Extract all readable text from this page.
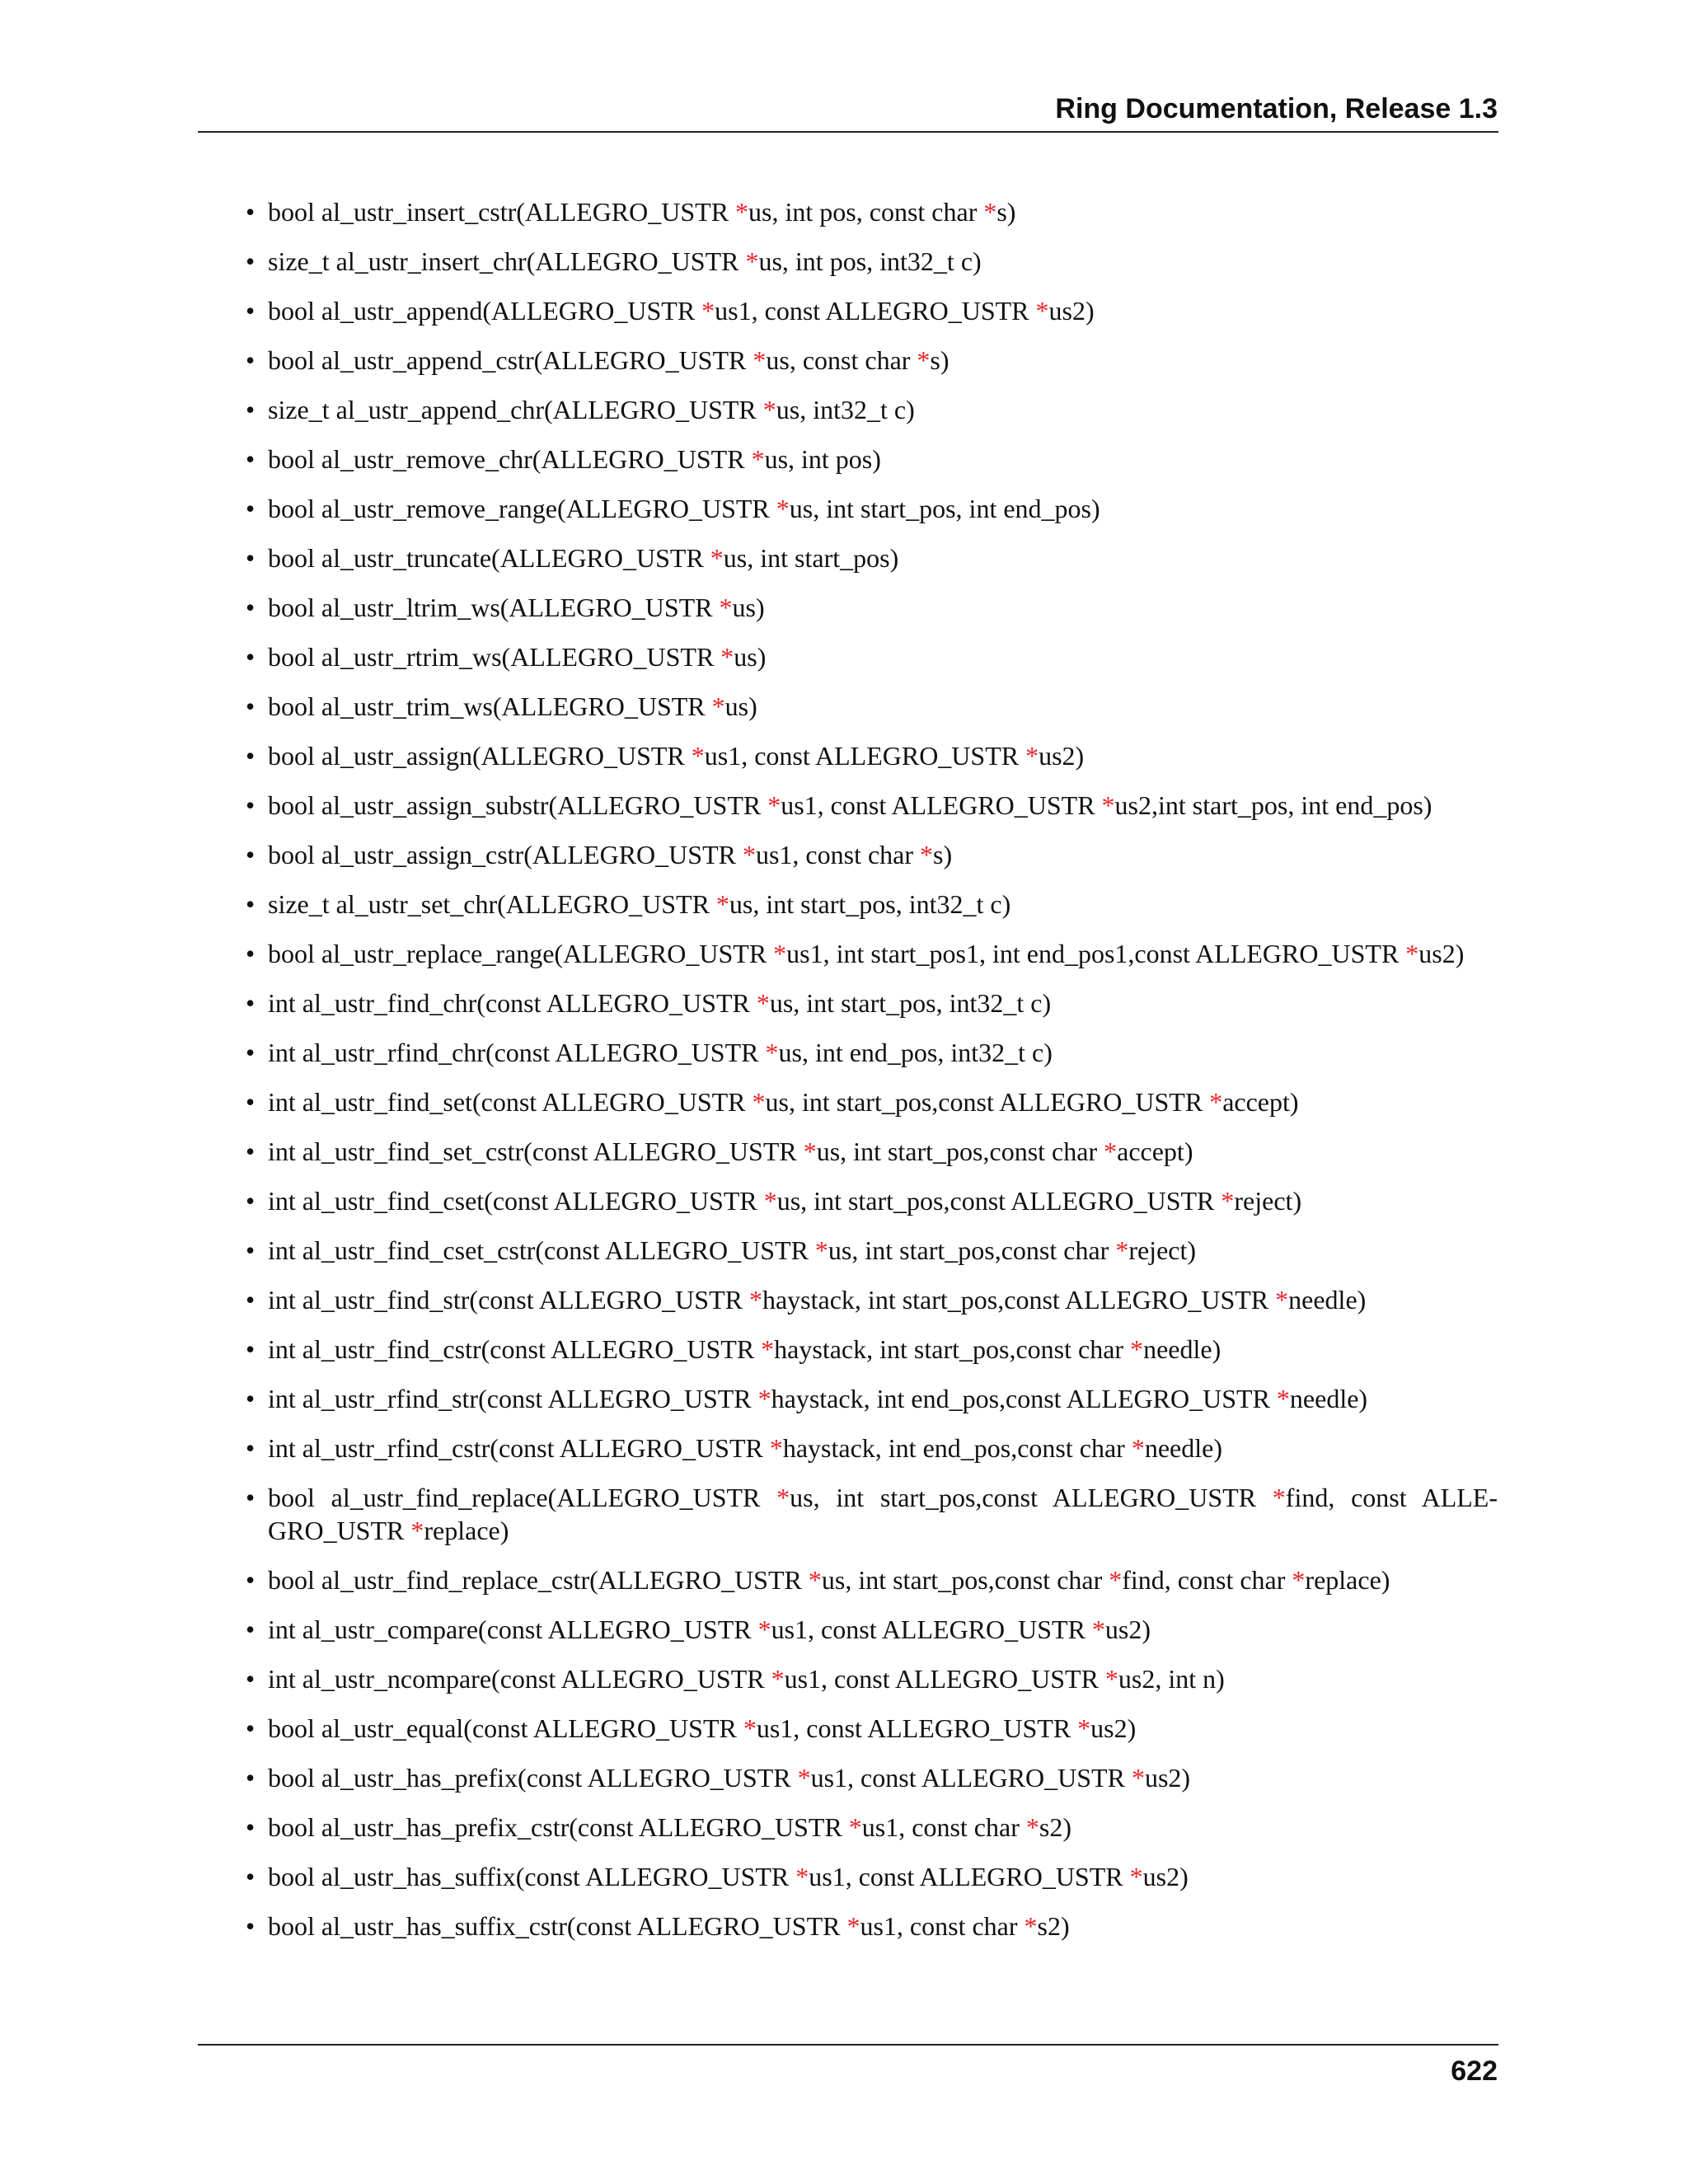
Ring Documentation, Release 1.3
• bool al_ustr_insert_cstr(ALLEGRO_USTR *us, int pos, const char *s)
• size_t al_ustr_insert_chr(ALLEGRO_USTR *us, int pos, int32_t c)
• bool al_ustr_append(ALLEGRO_USTR *us1, const ALLEGRO_USTR *us2)
• bool al_ustr_append_cstr(ALLEGRO_USTR *us, const char *s)
• size_t al_ustr_append_chr(ALLEGRO_USTR *us, int32_t c)
• bool al_ustr_remove_chr(ALLEGRO_USTR *us, int pos)
• bool al_ustr_remove_range(ALLEGRO_USTR *us, int start_pos, int end_pos)
• bool al_ustr_truncate(ALLEGRO_USTR *us, int start_pos)
• bool al_ustr_ltrim_ws(ALLEGRO_USTR *us)
• bool al_ustr_rtrim_ws(ALLEGRO_USTR *us)
• bool al_ustr_trim_ws(ALLEGRO_USTR *us)
• bool al_ustr_assign(ALLEGRO_USTR *us1, const ALLEGRO_USTR *us2)
• bool al_ustr_assign_substr(ALLEGRO_USTR *us1, const ALLEGRO_USTR *us2,int start_pos, int end_pos)
• bool al_ustr_assign_cstr(ALLEGRO_USTR *us1, const char *s)
• size_t al_ustr_set_chr(ALLEGRO_USTR *us, int start_pos, int32_t c)
• bool al_ustr_replace_range(ALLEGRO_USTR *us1, int start_pos1, int end_pos1,const ALLEGRO_USTR *us2)
• int al_ustr_find_chr(const ALLEGRO_USTR *us, int start_pos, int32_t c)
• int al_ustr_rfind_chr(const ALLEGRO_USTR *us, int end_pos, int32_t c)
• int al_ustr_find_set(const ALLEGRO_USTR *us, int start_pos,const ALLEGRO_USTR *accept)
• int al_ustr_find_set_cstr(const ALLEGRO_USTR *us, int start_pos,const char *accept)
• int al_ustr_find_cset(const ALLEGRO_USTR *us, int start_pos,const ALLEGRO_USTR *reject)
• int al_ustr_find_cset_cstr(const ALLEGRO_USTR *us, int start_pos,const char *reject)
• int al_ustr_find_str(const ALLEGRO_USTR *haystack, int start_pos,const ALLEGRO_USTR *needle)
• int al_ustr_find_cstr(const ALLEGRO_USTR *haystack, int start_pos,const char *needle)
• int al_ustr_rfind_str(const ALLEGRO_USTR *haystack, int end_pos,const ALLEGRO_USTR *needle)
• int al_ustr_rfind_cstr(const ALLEGRO_USTR *haystack, int end_pos,const char *needle)
• bool al_ustr_find_replace(ALLEGRO_USTR *us, int start_pos,const ALLEGRO_USTR *find, const ALLE-GRO_USTR *replace)
• bool al_ustr_find_replace_cstr(ALLEGRO_USTR *us, int start_pos,const char *find, const char *replace)
• int al_ustr_compare(const ALLEGRO_USTR *us1, const ALLEGRO_USTR *us2)
• int al_ustr_ncompare(const ALLEGRO_USTR *us1, const ALLEGRO_USTR *us2, int n)
• bool al_ustr_equal(const ALLEGRO_USTR *us1, const ALLEGRO_USTR *us2)
• bool al_ustr_has_prefix(const ALLEGRO_USTR *us1, const ALLEGRO_USTR *us2)
• bool al_ustr_has_prefix_cstr(const ALLEGRO_USTR *us1, const char *s2)
• bool al_ustr_has_suffix(const ALLEGRO_USTR *us1, const ALLEGRO_USTR *us2)
• bool al_ustr_has_suffix_cstr(const ALLEGRO_USTR *us1, const char *s2)
622
